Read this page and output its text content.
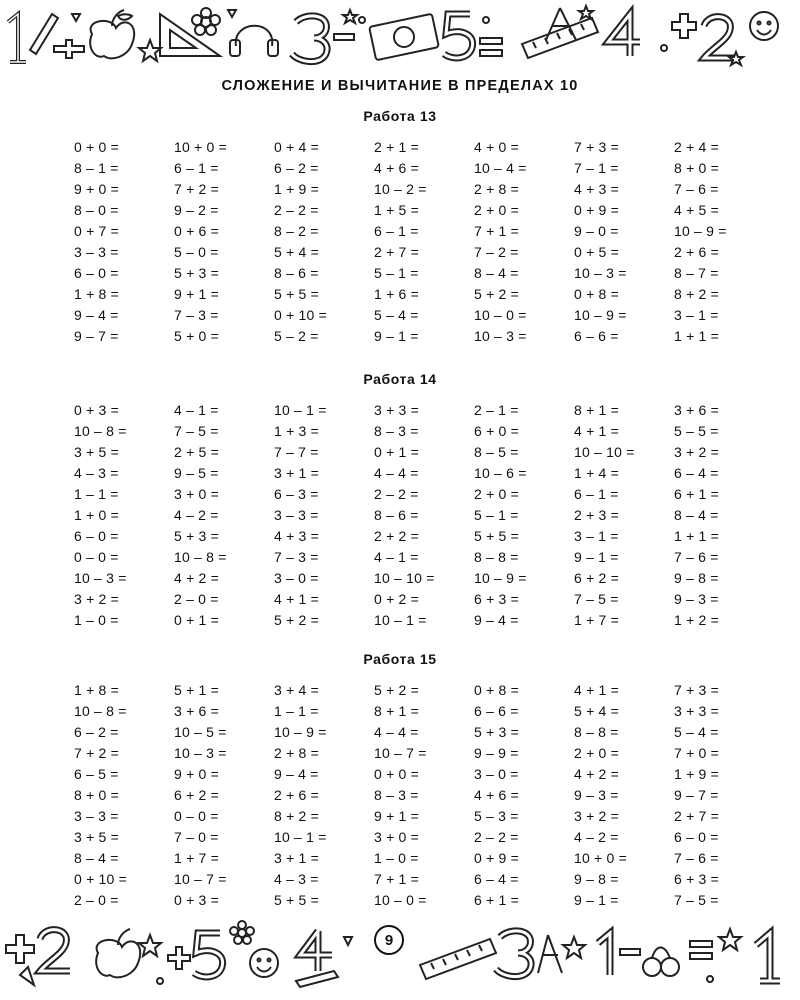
СЛОЖЕНИЕ И ВЫЧИТАНИЕ В ПРЕДЕЛАХ 10
Работа 13
0 + 0 =	10 + 0 =	0 + 4 =	2 + 1 =	4 + 0 =	7 + 3 =	2 + 4 =
8 – 1 =	6 – 1 =	6 – 2 =	4 + 6 =	10 – 4 =	7 – 1 =	8 + 0 =
9 + 0 =	7 + 2 =	1 + 9 =	10 – 2 =	2 + 8 =	4 + 3 =	7 – 6 =
8 – 0 =	9 – 2 =	2 – 2 =	1 + 5 =	2 + 0 =	0 + 9 =	4 + 5 =
0 + 7 =	0 + 6 =	8 – 2 =	6 – 1 =	7 + 1 =	9 – 0 =	10 – 9 =
3 – 3 =	5 – 0 =	5 + 4 =	2 + 7 =	7 – 2 =	0 + 5 =	2 + 6 =
6 – 0 =	5 + 3 =	8 – 6 =	5 – 1 =	8 – 4 =	10 – 3 =	8 – 7 =
1 + 8 =	9 + 1 =	5 + 5 =	1 + 6 =	5 + 2 =	0 + 8 =	8 + 2 =
9 – 4 =	7 – 3 =	0 + 10 =	5 – 4 =	10 – 0 =	10 – 9 =	3 – 1 =
9 – 7 =	5 + 0 =	5 – 2 =	9 – 1 =	10 – 3 =	6 – 6 =	1 + 1 =
Работа 14
0 + 3 =	4 – 1 =	10 – 1 =	3 + 3 =	2 – 1 =	8 + 1 =	3 + 6 =
10 – 8 =	7 – 5 =	1 + 3 =	8 – 3 =	6 + 0 =	4 + 1 =	5 – 5 =
3 + 5 =	2 + 5 =	7 – 7 =	0 + 1 =	8 – 5 =	10 – 10 =	3 + 2 =
4 – 3 =	9 – 5 =	3 + 1 =	4 – 4 =	10 – 6 =	1 + 4 =	6 – 4 =
1 – 1 =	3 + 0 =	6 – 3 =	2 – 2 =	2 + 0 =	6 – 1 =	6 + 1 =
1 + 0 =	4 – 2 =	3 – 3 =	8 – 6 =	5 – 1 =	2 + 3 =	8 – 4 =
6 – 0 =	5 + 3 =	4 + 3 =	2 + 2 =	5 + 5 =	3 – 1 =	1 + 1 =
0 – 0 =	10 – 8 =	7 – 3 =	4 – 1 =	8 – 8 =	9 – 1 =	7 – 6 =
10 – 3 =	4 + 2 =	3 – 0 =	10 – 10 =	10 – 9 =	6 + 2 =	9 – 8 =
3 + 2 =	2 – 0 =	4 + 1 =	0 + 2 =	6 + 3 =	7 – 5 =	9 – 3 =
1 – 0 =	0 + 1 =	5 + 2 =	10 – 1 =	9 – 4 =	1 + 7 =	1 + 2 =
Работа 15
1 + 8 =	5 + 1 =	3 + 4 =	5 + 2 =	0 + 8 =	4 + 1 =	7 + 3 =
10 – 8 =	3 + 6 =	1 – 1 =	8 + 1 =	6 – 6 =	5 + 4 =	3 + 3 =
6 – 2 =	10 – 5 =	10 – 9 =	4 – 4 =	5 + 3 =	8 – 8 =	5 – 4 =
7 + 2 =	10 – 3 =	2 + 8 =	10 – 7 =	9 – 9 =	2 + 0 =	7 + 0 =
6 – 5 =	9 + 0 =	9 – 4 =	0 + 0 =	3 – 0 =	4 + 2 =	1 + 9 =
8 + 0 =	6 + 2 =	2 + 6 =	8 – 3 =	4 + 6 =	9 – 3 =	9 – 7 =
3 – 3 =	0 – 0 =	8 + 2 =	9 + 1 =	5 – 3 =	3 + 2 =	2 + 7 =
3 + 5 =	7 – 0 =	10 – 1 =	3 + 0 =	2 – 2 =	4 – 2 =	6 – 0 =
8 – 4 =	1 + 7 =	3 + 1 =	1 – 0 =	0 + 9 =	10 + 0 =	7 – 6 =
0 + 10 =	10 – 7 =	4 – 3 =	7 + 1 =	6 – 4 =	9 – 8 =	6 + 3 =
2 – 0 =	0 + 3 =	5 + 5 =	10 – 0 =	6 + 1 =	9 – 1 =	7 – 5 =
9
